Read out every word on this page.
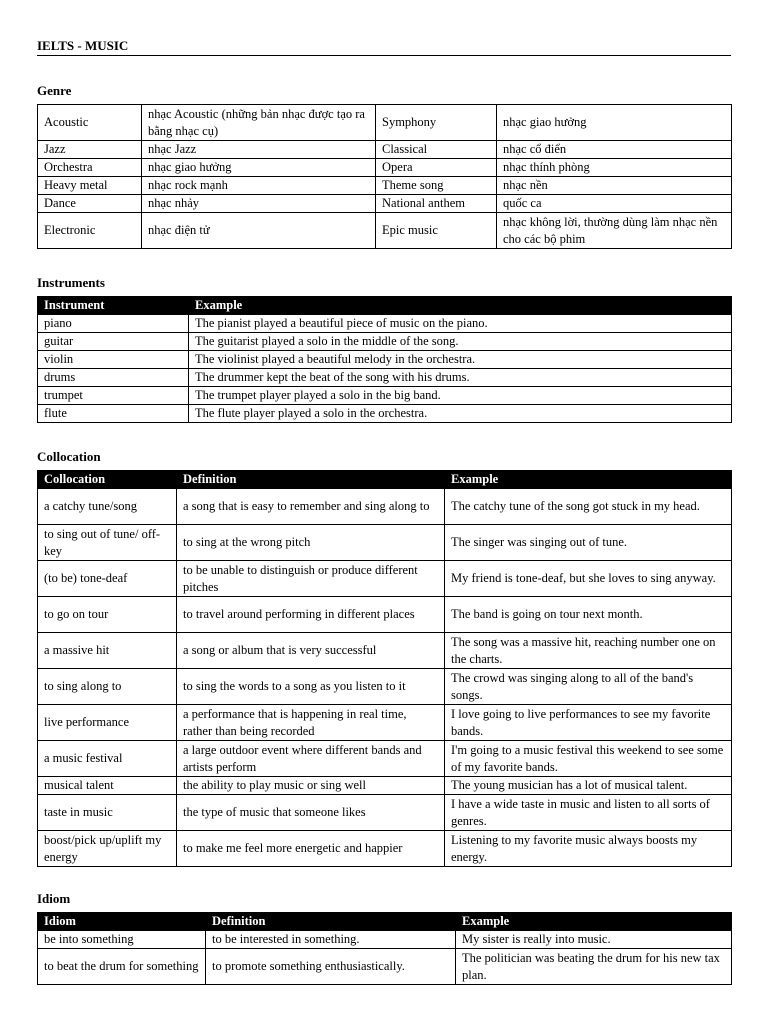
IELTS - MUSIC
Genre
Acoustic	nhạc Acoustic (những bản nhạc được tạo ra bằng nhạc cụ)	Symphony	nhạc giao hưởng
Jazz	nhạc Jazz	Classical	nhạc cổ điển
Orchestra	nhạc giao hưởng	Opera	nhạc thính phòng
Heavy metal	nhạc rock mạnh	Theme song	nhạc nền
Dance	nhạc nhảy	National anthem	quốc ca
Electronic	nhạc điện tử	Epic music	nhạc không lời, thường dùng làm nhạc nền cho các bộ phim
Instruments
Instrument	Example
piano	The pianist played a beautiful piece of music on the piano.
guitar	The guitarist played a solo in the middle of the song.
violin	The violinist played a beautiful melody in the orchestra.
drums	The drummer kept the beat of the song with his drums.
trumpet	The trumpet player played a solo in the big band.
flute	The flute player played a solo in the orchestra.
Collocation
Collocation	Definition	Example
a catchy tune/song	a song that is easy to remember and sing along to	The catchy tune of the song got stuck in my head.
to sing out of tune/ off-key	to sing at the wrong pitch	The singer was singing out of tune.
(to be) tone-deaf	to be unable to distinguish or produce different pitches	My friend is tone-deaf, but she loves to sing anyway.
to go on tour	to travel around performing in different places	The band is going on tour next month.
a massive hit	a song or album that is very successful	The song was a massive hit, reaching number one on the charts.
to sing along to	to sing the words to a song as you listen to it	The crowd was singing along to all of the band's songs.
live performance	a performance that is happening in real time, rather than being recorded	I love going to live performances to see my favorite bands.
a music festival	a large outdoor event where different bands and artists perform	I'm going to a music festival this weekend to see some of my favorite bands.
musical talent	the ability to play music or sing well	The young musician has a lot of musical talent.
taste in music	the type of music that someone likes	I have a wide taste in music and listen to all sorts of genres.
boost/pick up/uplift my energy	to make me feel more energetic and happier	Listening to my favorite music always boosts my energy.
Idiom
Idiom	Definition	Example
be into something	to be interested in something.	My sister is really into music.
to beat the drum for something	to promote something enthusiastically.	The politician was beating the drum for his new tax plan.
